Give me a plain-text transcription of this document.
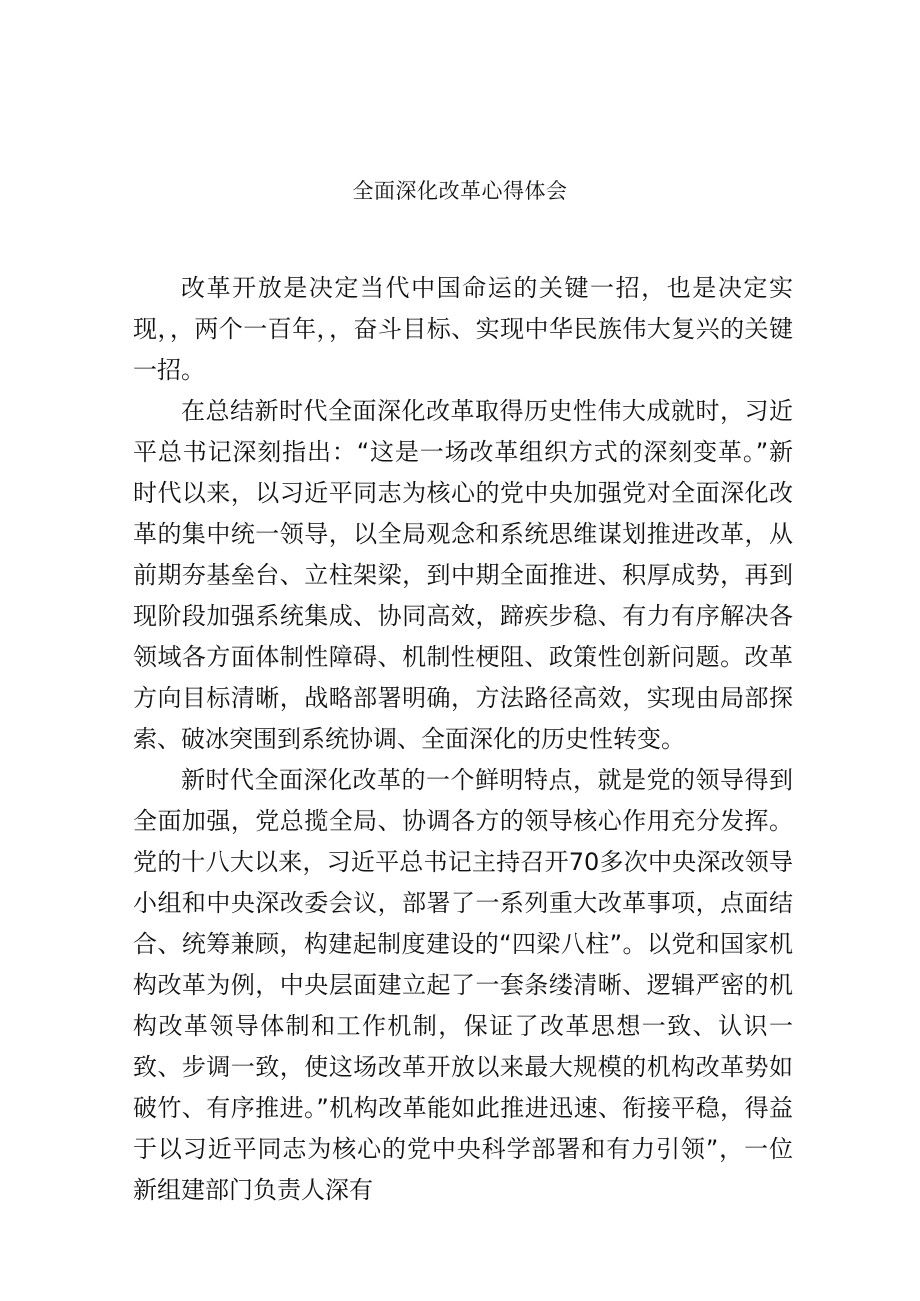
全面深化改革心得体会

改革开放是决定当代中国命运的关键一招，也是决定实现，，两个一百年，，奋斗目标、实现中华民族伟大复兴的关键一招。

在总结新时代全面深化改革取得历史性伟大成就时，习近平总书记深刻指出：“这是一场改革组织方式的深刻变革。”新时代以来，以习近平同志为核心的党中央加强党对全面深化改革的集中统一领导，以全局观念和系统思维谋划推进改革，从前期夯基垒台、立柱架梁，到中期全面推进、积厚成势，再到现阶段加强系统集成、协同高效，蹄疾步稳、有力有序解决各领域各方面体制性障碍、机制性梗阻、政策性创新问题。改革方向目标清晰，战略部署明确，方法路径高效，实现由局部探索、破冰突围到系统协调、全面深化的历史性转变。

新时代全面深化改革的一个鲜明特点，就是党的领导得到全面加强，党总揽全局、协调各方的领导核心作用充分发挥。党的十八大以来，习近平总书记主持召开70多次中央深改领导小组和中央深改委会议，部署了一系列重大改革事项，点面结合、统筹兼顾，构建起制度建设的“四梁八柱”。以党和国家机构改革为例，中央层面建立起了一套条缕清晰、逻辑严密的机构改革领导体制和工作机制，保证了改革思想一致、认识一致、步调一致，使这场改革开放以来最大规模的机构改革势如破竹、有序推进。”机构改革能如此推进迅速、衔接平稳，得益于以习近平同志为核心的党中央科学部署和有力引领”，一位新组建部门负责人深有
